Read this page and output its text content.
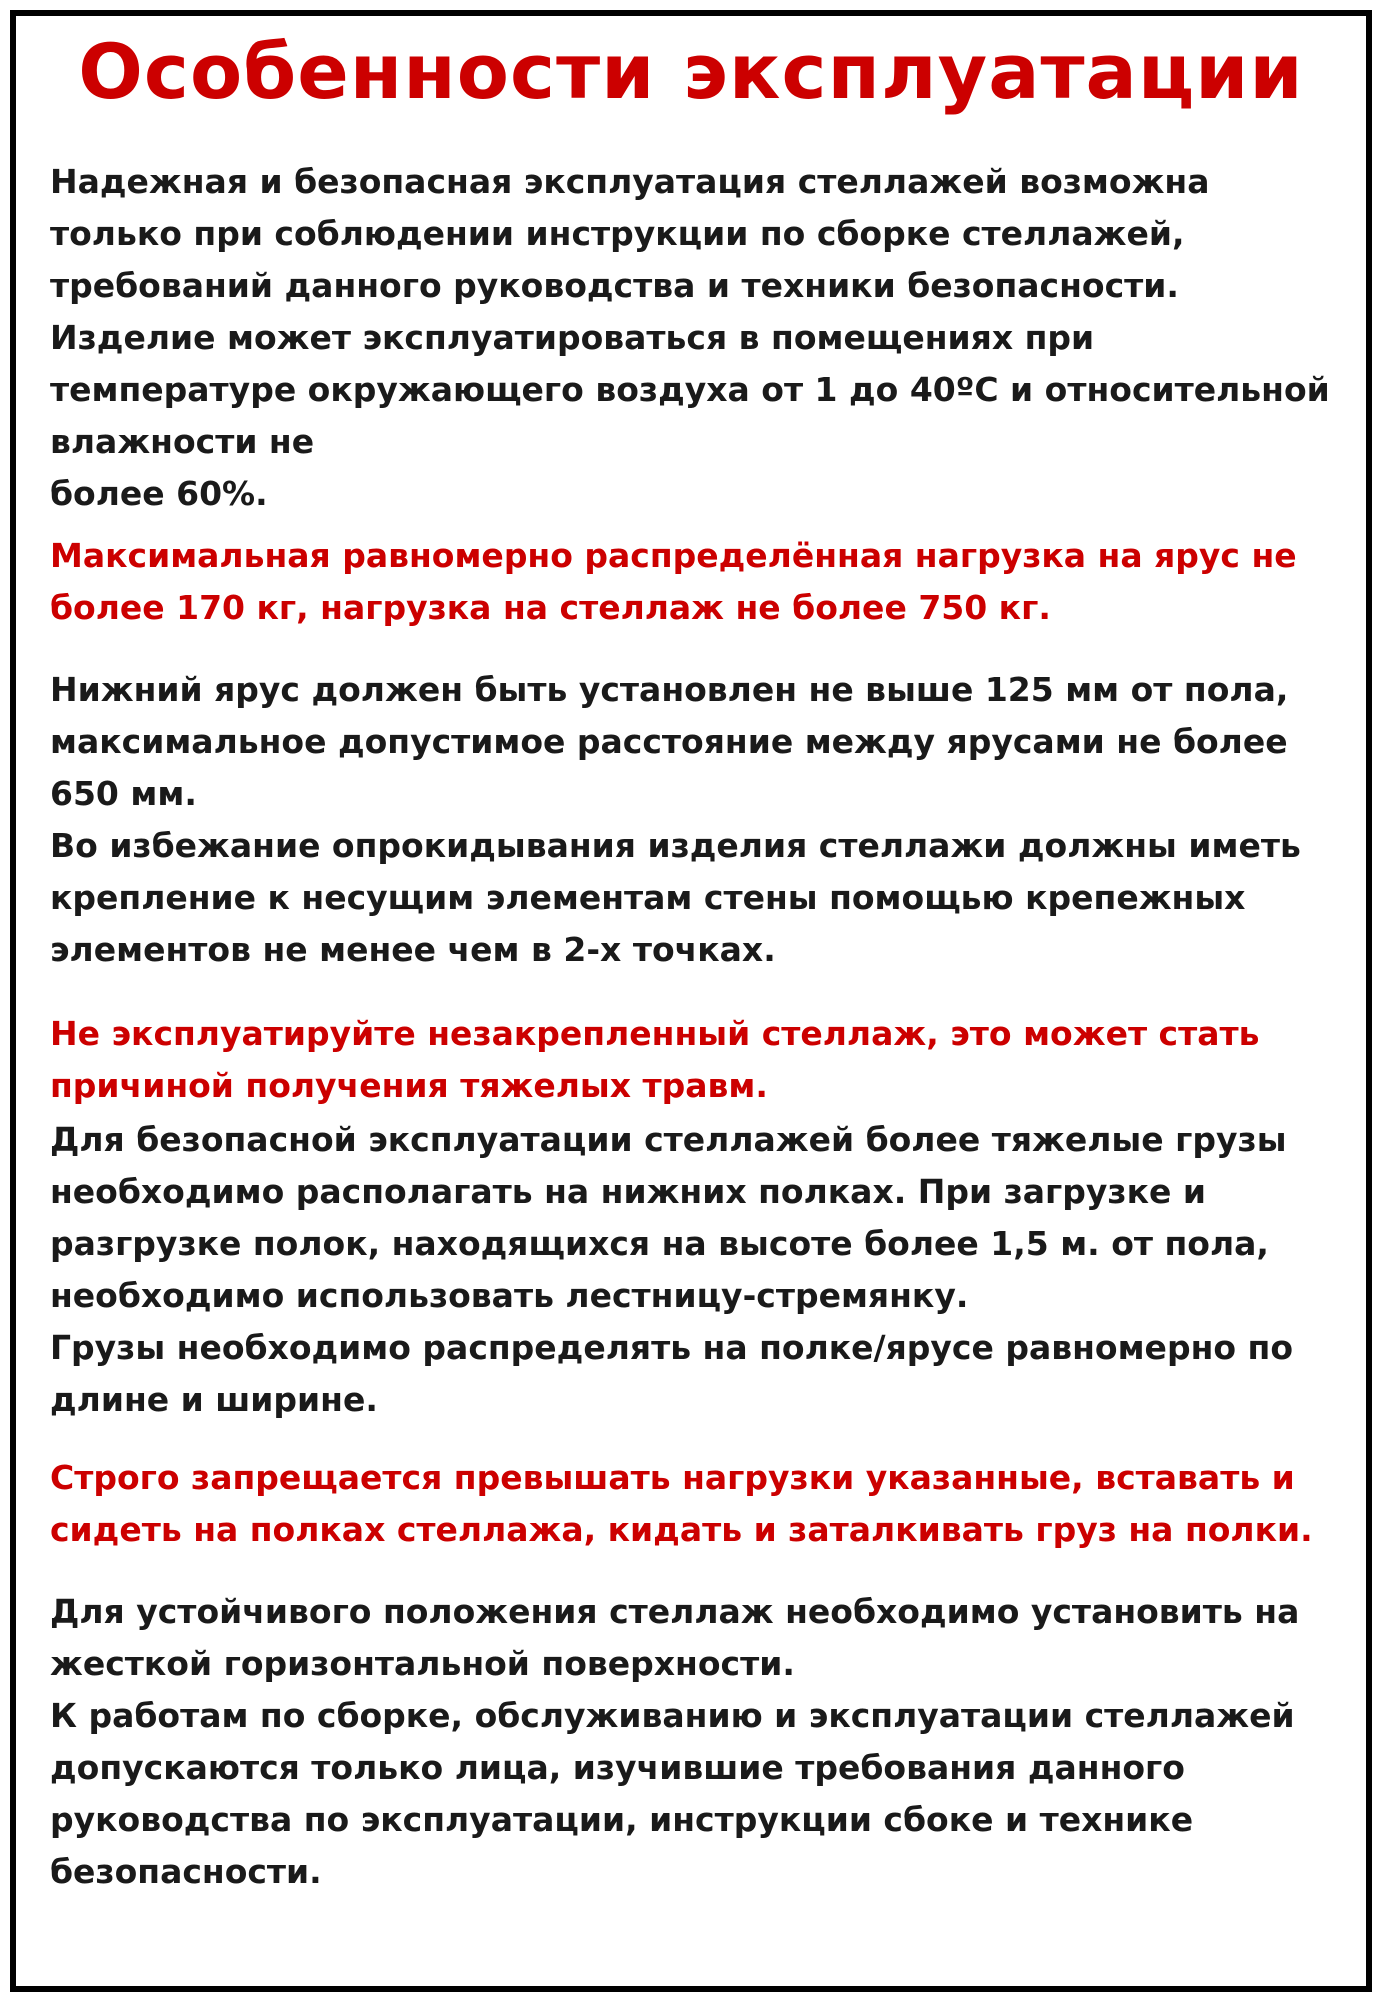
Особенности эксплуатации

Надежная и безопасная эксплуатация стеллажей возможна
только при соблюдении инструкции по сборке стеллажей,
требований данного руководства и техники безопасности.
Изделие может эксплуатироваться в помещениях при
температуре окружающего воздуха от 1 до 40ºС и относительной
влажности не
более 60%.

Максимальная равномерно распределённая нагрузка на ярус не
более 170 кг, нагрузка на стеллаж не более 750 кг.

Нижний ярус должен быть установлен не выше 125 мм от пола,
максимальное допустимое расстояние между ярусами не более
650 мм.
Во избежание опрокидывания изделия стеллажи должны иметь
крепление к несущим элементам стены помощью крепежных
элементов не менее чем в 2-х точках.

Не эксплуатируйте незакрепленный стеллаж, это может стать
причиной получения тяжелых травм.

Для безопасной эксплуатации стеллажей более тяжелые грузы
необходимо располагать на нижних полках. При загрузке и
разгрузке полок, находящихся на высоте более 1,5 м. от пола,
необходимо использовать лестницу-стремянку.
Грузы необходимо распределять на полке/ярусе равномерно по
длине и ширине.

Строго запрещается превышать нагрузки указанные, вставать и
сидеть на полках стеллажа, кидать и заталкивать груз на полки.

Для устойчивого положения стеллаж необходимо установить на
жесткой горизонтальной поверхности.
К работам по сборке, обслуживанию и эксплуатации стеллажей
допускаются только лица, изучившие требования данного
руководства по эксплуатации, инструкции сбоке и технике
безопасности.
